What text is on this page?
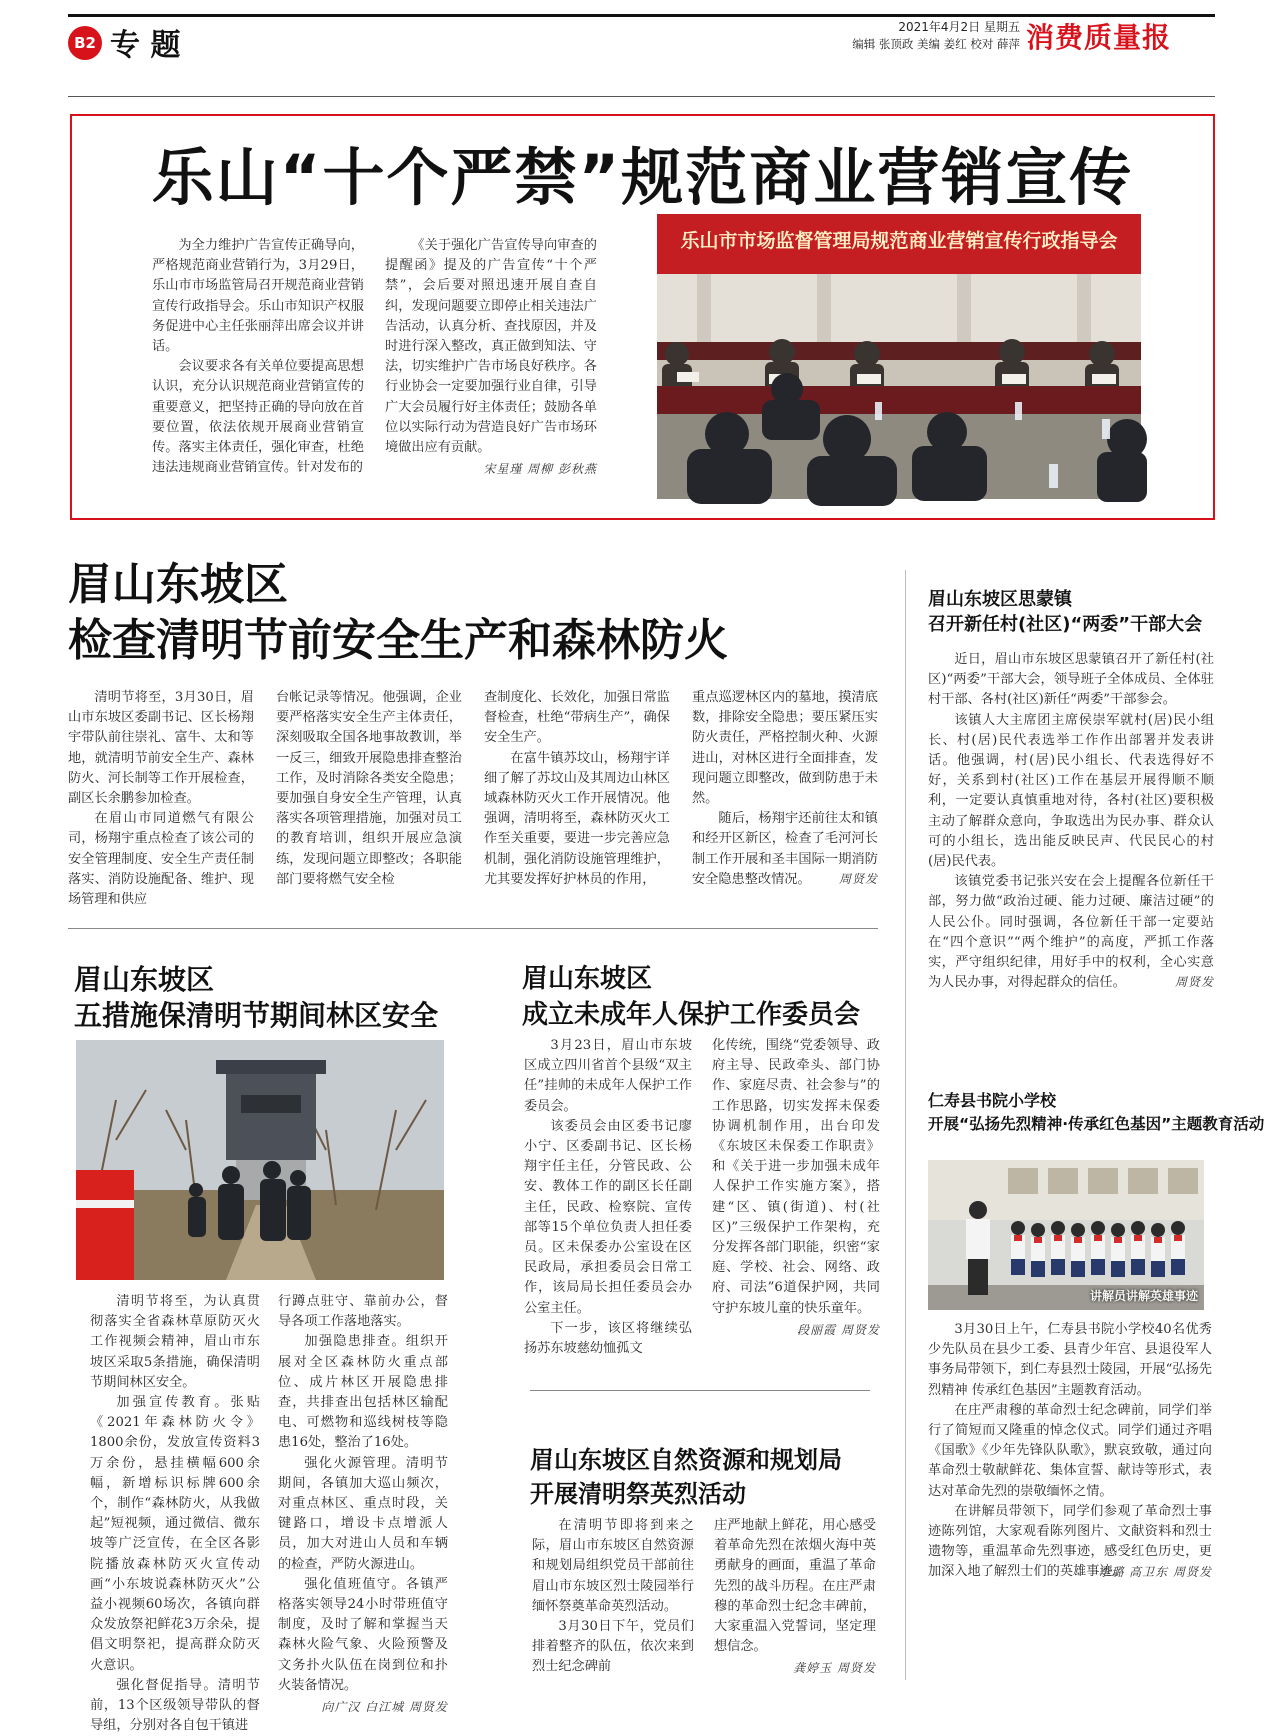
B2 专 题
2021年4月2日 星期五
编辑 张顶政 美编 姜红 校对 薛萍 消费质量报
乐山“十个严禁”规范商业营销宣传

为全力维护广告宣传正确导向，严格规范商业营销行为，3月29日，乐山市市场监管局召开规范商业营销宣传行政指导会。乐山市知识产权服务促进中心主任张丽萍出席会议并讲话。

会议要求各有关单位要提高思想认识，充分认识规范商业营销宣传的重要意义，把坚持正确的导向放在首要位置，依法依规开展商业营销宣传。落实主体责任，强化审查，杜绝违法违规商业营销宣传。针对发布的

《关于强化广告宣传导向审查的提醒函》提及的广告宣传“十个严禁”，会后要对照迅速开展自查自纠，发现问题要立即停止相关违法广告活动，认真分析、查找原因，并及时进行深入整改，真正做到知法、守法，切实维护广告市场良好秩序。各行业协会一定要加强行业自律，引导广大会员履行好主体责任；鼓励各单位以实际行动为营造良好广告市场环境做出应有贡献。

宋星瑾 周柳 彭秋燕
乐山市市场监督管理局规范商业营销宣传行政指导会
眉山东坡区
检查清明节前安全生产和森林防火

清明节将至，3月30日，眉山市东坡区委副书记、区长杨翔宇带队前往崇礼、富牛、太和等地，就清明节前安全生产、森林防火、河长制等工作开展检查，副区长余鹏参加检查。

在眉山市同道燃气有限公司，杨翔宇重点检查了该公司的安全管理制度、安全生产责任制落实、消防设施配备、维护、现场管理和供应

台帐记录等情况。他强调，企业要严格落实安全生产主体责任，深刻吸取全国各地事故教训，举一反三，细致开展隐患排查整治工作，及时消除各类安全隐患；要加强自身安全生产管理，认真落实各项管理措施，加强对员工的教育培训，组织开展应急演练，发现问题立即整改；各职能部门要将燃气安全检

查制度化、长效化，加强日常监督检查，杜绝“带病生产”，确保安全生产。

在富牛镇苏坟山，杨翔宇详细了解了苏坟山及其周边山林区域森林防灭火工作开展情况。他强调，清明将至，森林防灭火工作至关重要，要进一步完善应急机制，强化消防设施管理维护，尤其要发挥好护林员的作用，

重点巡逻林区内的墓地，摸清底数，排除安全隐患；要压紧压实防火责任，严格控制火种、火源进山，对林区进行全面排查，发现问题立即整改，做到防患于未然。

随后，杨翔宇还前往太和镇和经开区新区，检查了毛河河长制工作开展和圣丰国际一期消防安全隐患整改情况。	周贤发
眉山东坡区思蒙镇
召开新任村(社区)“两委”干部大会

近日，眉山市东坡区思蒙镇召开了新任村(社区)“两委”干部大会，领导班子全体成员、全体驻村干部、各村(社区)新任“两委”干部参会。

该镇人大主席团主席侯崇军就村(居)民小组长、村(居)民代表选举工作作出部署并发表讲话。他强调，村(居)民小组长、代表选得好不好，关系到村(社区)工作在基层开展得顺不顺利，一定要认真慎重地对待，各村(社区)要积极主动了解群众意向，争取选出为民办事、群众认可的小组长，选出能反映民声、代民民心的村(居)民代表。

该镇党委书记张兴安在会上提醒各位新任干部，努力做“政治过硬、能力过硬、廉洁过硬”的人民公仆。同时强调，各位新任干部一定要站在“四个意识”“两个维护”的高度，严抓工作落实，严守组织纪律，用好手中的权利，全心实意为人民办事，对得起群众的信任。	周贤发
眉山东坡区
五措施保清明节期间林区安全

清明节将至，为认真贯彻落实全省森林草原防灭火工作视频会精神，眉山市东坡区采取5条措施，确保清明节期间林区安全。

加强宣传教育。张贴《2021年森林防火令》1800余份，发放宣传资料3万余份，悬挂横幅600余幅，新增标识标牌600余个，制作“森林防火，从我做起”短视频，通过微信、微东坡等广泛宣传，在全区各影院播放森林防灭火宣传动画“小东坡说森林防灭火”公益小视频60场次，各镇向群众发放祭祀鲜花3万余朵，提倡文明祭祀，提高群众防灭火意识。

强化督促指导。清明节前，13个区级领导带队的督导组，分别对各自包干镇进

行蹲点驻守、靠前办公，督导各项工作落地落实。

加强隐患排查。组织开展对全区森林防火重点部位、成片林区开展隐患排查，共排查出包括林区输配电、可燃物和巡线树枝等隐患16处，整治了16处。

强化火源管理。清明节期间，各镇加大巡山频次，对重点林区、重点时段，关键路口，增设卡点增派人员，加大对进山人员和车辆的检查，严防火源进山。

强化值班值守。各镇严格落实领导24小时带班值守制度，及时了解和掌握当天森林火险气象、火险预警及文务扑火队伍在岗到位和扑火装备情况。

向广汉 白江城 周贤发
眉山东坡区
成立未成年人保护工作委员会

3月23日，眉山市东坡区成立四川省首个县级“双主任”挂帅的未成年人保护工作委员会。

该委员会由区委书记廖小宁、区委副书记、区长杨翔宇任主任，分管民政、公安、教体工作的副区长任副主任，民政、检察院、宣传部等15个单位负责人担任委员。区未保委办公室设在区民政局，承担委员会日常工作，该局局长担任委员会办公室主任。

下一步，该区将继续弘扬苏东坡慈幼恤孤文

化传统，围绕“党委领导、政府主导、民政牵头、部门协作、家庭尽责、社会参与”的工作思路，切实发挥未保委协调机制作用，出台印发《东坡区未保委工作职责》和《关于进一步加强未成年人保护工作实施方案》，搭建“区、镇(街道)、村(社区)”三级保护工作架构，充分发挥各部门职能，织密“家庭、学校、社会、网络、政府、司法”6道保护网，共同守护东坡儿童的快乐童年。

段丽霞 周贤发
眉山东坡区自然资源和规划局
开展清明祭英烈活动

在清明节即将到来之际，眉山市东坡区自然资源和规划局组织党员干部前往眉山市东坡区烈士陵园举行缅怀祭奠革命英烈活动。

3月30日下午，党员们排着整齐的队伍，依次来到烈士纪念碑前

庄严地献上鲜花，用心感受着革命先烈在浓烟火海中英勇献身的画面，重温了革命先烈的战斗历程。在庄严肃穆的革命烈士纪念丰碑前，大家重温入党誓词，坚定理想信念。

龚婷玉 周贤发
仁寿县书院小学校
开展“弘扬先烈精神·传承红色基因”主题教育活动
讲解员讲解英雄事迹

3月30日上午，仁寿县书院小学校40名优秀少先队员在县少工委、县青少年宫、县退役军人事务局带领下，到仁寿县烈士陵园，开展“弘扬先烈精神 传承红色基因”主题教育活动。

在庄严肃穆的革命烈士纪念碑前，同学们举行了简短而又隆重的悼念仪式。同学们通过齐唱《国歌》《少年先锋队队歌》，默哀致敬，通过向革命烈士敬献鲜花、集体宣誓、献诗等形式，表达对革命先烈的崇敬缅怀之情。

在讲解员带领下，同学们参观了革命烈士事迹陈列馆，大家观看陈列图片、文献资料和烈士遗物等，重温革命先烈事迹，感受红色历史，更加深入地了解烈士们的英雄事迹。

李璐 高卫东 周贤发
